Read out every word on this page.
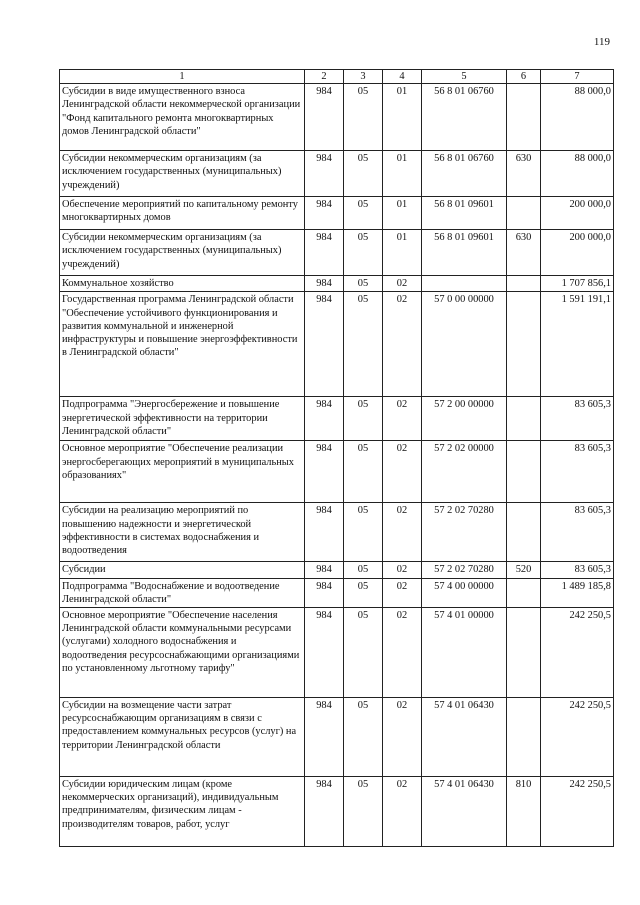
119
1	2	3	4	5	6	7
Субсидии в виде имущественного взноса Ленинградской области некоммерческой организации "Фонд капитального ремонта многоквартирных домов Ленинградской области"	984	05	01	56 8 01 06760		88 000,0
Субсидии некоммерческим организациям (за исключением государственных (муниципальных) учреждений)	984	05	01	56 8 01 06760	630	88 000,0
Обеспечение мероприятий по капитальному ремонту многоквартирных домов	984	05	01	56 8 01 09601		200 000,0
Субсидии некоммерческим организациям (за исключением государственных (муниципальных) учреждений)	984	05	01	56 8 01 09601	630	200 000,0
Коммунальное хозяйство	984	05	02			1 707 856,1
Государственная программа Ленинградской области "Обеспечение устойчивого функционирования и развития коммунальной и инженерной инфраструктуры и повышение энергоэффективности в Ленинградской области"	984	05	02	57 0 00 00000		1 591 191,1
Подпрограмма "Энергосбережение и повышение энергетической эффективности на территории Ленинградской области"	984	05	02	57 2 00 00000		83 605,3
Основное мероприятие "Обеспечение реализации энергосберегающих мероприятий в муниципальных образованиях"	984	05	02	57 2 02 00000		83 605,3
Субсидии на реализацию мероприятий по повышению надежности и энергетической эффективности в системах водоснабжения и водоотведения	984	05	02	57 2 02 70280		83 605,3
Субсидии	984	05	02	57 2 02 70280	520	83 605,3
Подпрограмма "Водоснабжение и водоотведение Ленинградской области"	984	05	02	57 4 00 00000		1 489 185,8
Основное мероприятие "Обеспечение населения Ленинградской области коммунальными ресурсами (услугами) холодного водоснабжения и водоотведения ресурсоснабжающими организациями по установленному льготному тарифу"	984	05	02	57 4 01 00000		242 250,5
Субсидии на возмещение части затрат ресурсоснабжающим организациям в связи с предоставлением коммунальных ресурсов (услуг) на территории Ленинградской области	984	05	02	57 4 01 06430		242 250,5
Субсидии юридическим лицам (кроме некоммерческих организаций), индивидуальным предпринимателям, физическим лицам - производителям товаров, работ, услуг	984	05	02	57 4 01 06430	810	242 250,5
